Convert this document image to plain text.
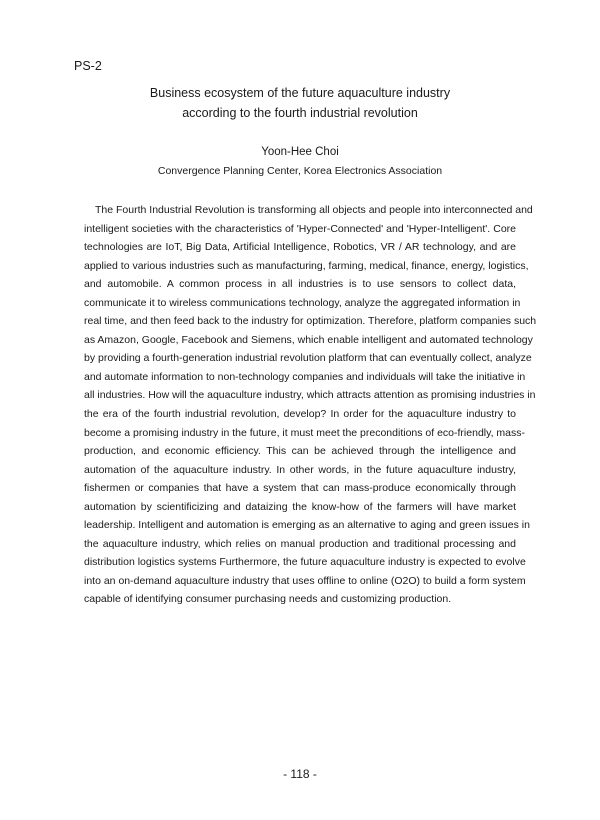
PS-2
Business ecosystem of the future aquaculture industry
according to the fourth industrial revolution
Yoon-Hee Choi
Convergence Planning Center, Korea Electronics Association
The Fourth Industrial Revolution is transforming all objects and people into interconnected and
intelligent societies with the characteristics of 'Hyper-Connected' and 'Hyper-Intelligent'. Core
technologies are IoT, Big Data, Artificial Intelligence, Robotics, VR / AR technology, and are
applied to various industries such as manufacturing, farming, medical, finance, energy, logistics,
and automobile. A common process in all industries is to use sensors to collect data,
communicate it to wireless communications technology, analyze the aggregated information in
real time, and then feed back to the industry for optimization. Therefore, platform companies such
as Amazon, Google, Facebook and Siemens, which enable intelligent and automated technology
by providing a fourth-generation industrial revolution platform that can eventually collect, analyze
and automate information to non-technology companies and individuals will take the initiative in
all industries. How will the aquaculture industry, which attracts attention as promising industries in
the era of the fourth industrial revolution, develop? In order for the aquaculture industry to
become a promising industry in the future, it must meet the preconditions of eco-friendly, mass-
production, and economic efficiency. This can be achieved through the intelligence and
automation of the aquaculture industry. In other words, in the future aquaculture industry,
fishermen or companies that have a system that can mass-produce economically through
automation by scientificizing and dataizing the know-how of the farmers will have market
leadership. Intelligent and automation is emerging as an alternative to aging and green issues in
the aquaculture industry, which relies on manual production and traditional processing and
distribution logistics systems Furthermore, the future aquaculture industry is expected to evolve
into an on-demand aquaculture industry that uses offline to online (O2O) to build a form system
capable of identifying consumer purchasing needs and customizing production.
- 118 -
